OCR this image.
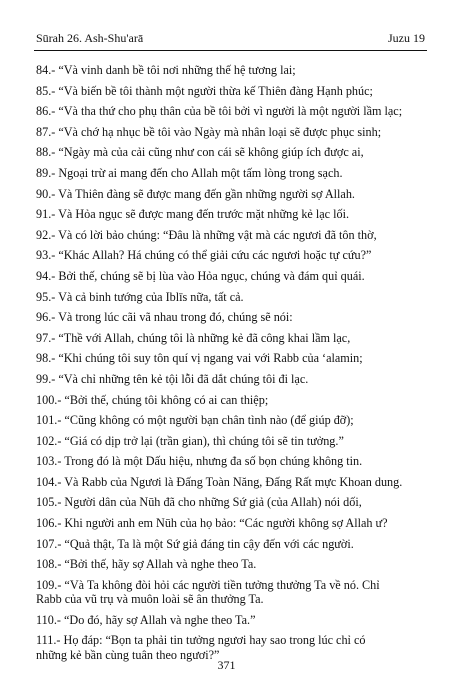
Sūrah 26. Ash-Shu'arā	Juzu 19
84.- “Và vinh danh bề tôi nơi những thế hệ tương lai;
85.- “Và biến bề tôi thành một người thừa kế Thiên đàng Hạnh phúc;
86.- “Và tha thứ cho phụ thân của bề tôi bởi vì người là một người lầm lạc;
87.- “Và chớ hạ nhục bề tôi vào Ngày mà nhân loại sẽ được phục sinh;
88.- “Ngày mà của cải cũng như con cái sẽ không giúp ích được ai,
89.- Ngoại trừ ai mang đến cho Allah một tấm lòng trong sạch.
90.- Và Thiên đàng sẽ được mang đến gần những người sợ Allah.
91.- Và Hỏa ngục sẽ được mang đến trước mặt những kẻ lạc lối.
92.- Và có lời bảo chúng: “Đâu là những vật mà các ngươi đã tôn thờ,
93.- “Khác Allah? Há chúng có thể giải cứu các ngươi hoặc tự cứu?”
94.- Bởi thế, chúng sẽ bị lùa vào Hỏa ngục, chúng và đám quỉ quái.
95.- Và cả binh tướng của Iblīs nữa, tất cả.
96.- Và trong lúc cãi vã nhau trong đó, chúng sẽ nói:
97.- “Thề với Allah, chúng tôi là những kẻ đã công khai lầm lạc,
98.- “Khi chúng tôi suy tôn quí vị ngang vai với Rabb của ‘alamin;
99.- “Và chỉ những tên kẻ tội lỗi đã dắt chúng tôi đi lạc.
100.- “Bởi thế, chúng tôi không có ai can thiệp;
101.- “Cũng không có một người bạn chân tình nào (để giúp đỡ);
102.- “Giá có dịp trở lại (trần gian), thì chúng tôi sẽ tin tưởng.”
103.- Trong đó là một Dấu hiệu, nhưng đa số bọn chúng không tin.
104.- Và Rabb của Ngươi là Đấng Toàn Năng, Đấng Rất mực Khoan dung.
105.- Người dân của Nūh đã cho những Sứ giả (của Allah) nói dối,
106.- Khi người anh em Nūh của họ bảo: “Các người không sợ Allah ư?
107.- “Quả thật, Ta là một Sứ giả đáng tin cậy đến với các người.
108.- “Bởi thế, hãy sợ Allah và nghe theo Ta.
109.- “Và Ta không đòi hỏi các người tiền tưởng thưởng Ta về nó. Chỉ
Rabb của vũ trụ và muôn loài sẽ ân thưởng Ta.
110.- “Do đó, hãy sợ Allah và nghe theo Ta.”
111.- Họ đáp: “Bọn ta phải tin tưởng ngươi hay sao trong lúc chỉ có
những kẻ bần cùng tuân theo ngươi?”
371
